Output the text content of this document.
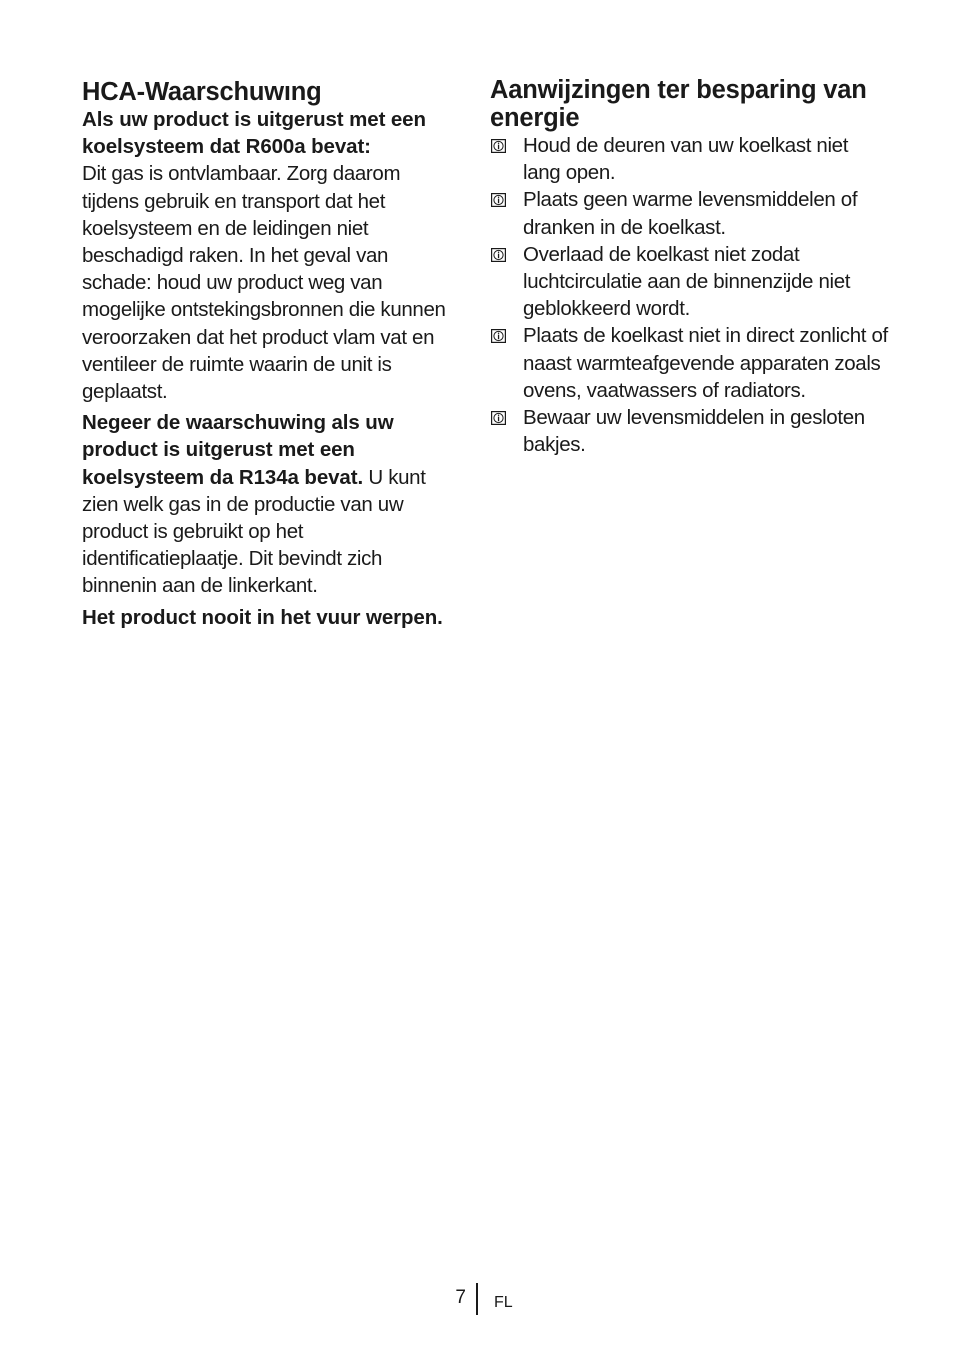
HCA-Waarschuwıng

Als uw product is uitgerust met een koelsysteem dat R600a bevat:
Dit gas is ontvlambaar. Zorg daarom tijdens gebruik en transport dat het koelsysteem en de leidingen niet beschadigd raken. In het geval van schade: houd uw product weg van mogelijke ontstekingsbronnen die kunnen veroorzaken dat het product vlam vat en ventileer de ruimte waarin de unit is geplaatst.

Negeer de waarschuwing als uw product is uitgerust met een koelsysteem da R134a bevat. U kunt zien welk gas in de productie van uw product is gebruikt op het identificatieplaatje. Dit bevindt zich binnenin aan de linkerkant.

Het product nooit in het vuur werpen.

Aanwijzingen ter besparing van energie
Houd de deuren van uw koelkast niet lang open.
Plaats geen warme levensmiddelen of dranken in de koelkast.
Overlaad de koelkast niet zodat luchtcirculatie aan de binnenzijde niet geblokkeerd wordt.
Plaats de koelkast niet in direct zonlicht of naast warmteafgevende apparaten zoals ovens, vaatwassers of radiators.
Bewaar uw levensmiddelen in gesloten bakjes.
7 FL
